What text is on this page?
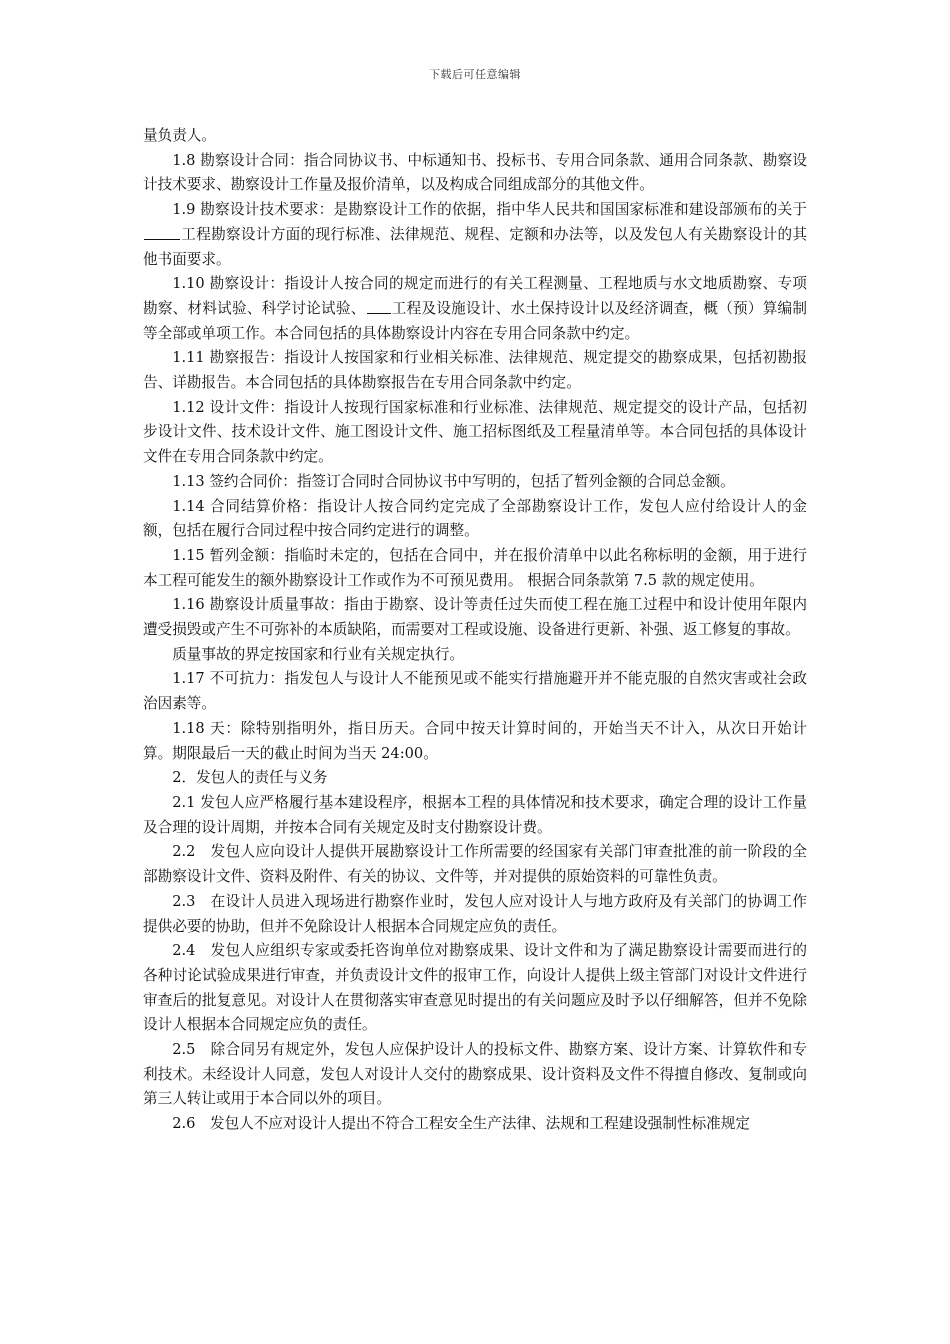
下载后可任意编辑

量负责人。

1.8 勘察设计合同：指合同协议书、中标通知书、投标书、专用合同条款、通用合同条款、勘察设计技术要求、勘察设计工作量及报价清单，以及构成合同组成部分的其他文件。

1.9 勘察设计技术要求：是勘察设计工作的依据，指中华人民共和国国家标准和建设部颁布的关于工程勘察设计方面的现行标准、法律规范、规程、定额和办法等，以及发包人有关勘察设计的其他书面要求。

1.10 勘察设计：指设计人按合同的规定而进行的有关工程测量、工程地质与水文地质勘察、专项勘察、材料试验、科学讨论试验、 工程及设施设计、水土保持设计以及经济调查，概（预）算编制等全部或单项工作。本合同包括的具体勘察设计内容在专用合同条款中约定。

1.11 勘察报告：指设计人按国家和行业相关标准、法律规范、规定提交的勘察成果，包括初勘报告、详勘报告。本合同包括的具体勘察报告在专用合同条款中约定。

1.12 设计文件：指设计人按现行国家标准和行业标准、法律规范、规定提交的设计产品，包括初步设计文件、技术设计文件、施工图设计文件、施工招标图纸及工程量清单等。本合同包括的具体设计文件在专用合同条款中约定。

1.13 签约合同价：指签订合同时合同协议书中写明的，包括了暂列金额的合同总金额。

1.14 合同结算价格：指设计人按合同约定完成了全部勘察设计工作，发包人应付给设计人的金额，包括在履行合同过程中按合同约定进行的调整。

1.15 暂列金额：指临时未定的，包括在合同中，并在报价清单中以此名称标明的金额，用于进行本工程可能发生的额外勘察设计工作或作为不可预见费用。 根据合同条款第 7.5 款的规定使用。

1.16 勘察设计质量事故：指由于勘察、设计等责任过失而使工程在施工过程中和设计使用年限内遭受损毁或产生不可弥补的本质缺陷，而需要对工程或设施、设备进行更新、补强、返工修复的事故。

质量事故的界定按国家和行业有关规定执行。

1.17 不可抗力：指发包人与设计人不能预见或不能实行措施避开并不能克服的自然灾害或社会政治因素等。

1.18 天：除特别指明外，指日历天。合同中按天计算时间的，开始当天不计入，从次日开始计算。期限最后一天的截止时间为当天 24:00。

2．发包人的责任与义务

2.1 发包人应严格履行基本建设程序，根据本工程的具体情况和技术要求，确定合理的设计工作量及合理的设计周期，并按本合同有关规定及时支付勘察设计费。

2.2　发包人应向设计人提供开展勘察设计工作所需要的经国家有关部门审查批准的前一阶段的全部勘察设计文件、资料及附件、有关的协议、文件等，并对提供的原始资料的可靠性负责。

2.3　在设计人员进入现场进行勘察作业时，发包人应对设计人与地方政府及有关部门的协调工作提供必要的协助，但并不免除设计人根据本合同规定应负的责任。

2.4　发包人应组织专家或委托咨询单位对勘察成果、设计文件和为了满足勘察设计需要而进行的各种讨论试验成果进行审查，并负责设计文件的报审工作，向设计人提供上级主管部门对设计文件进行审查后的批复意见。对设计人在贯彻落实审查意见时提出的有关问题应及时予以仔细解答，但并不免除设计人根据本合同规定应负的责任。

2.5　除合同另有规定外，发包人应保护设计人的投标文件、勘察方案、设计方案、计算软件和专利技术。未经设计人同意，发包人对设计人交付的勘察成果、设计资料及文件不得擅自修改、复制或向第三人转让或用于本合同以外的项目。

2.6　发包人不应对设计人提出不符合工程安全生产法律、法规和工程建设强制性标准规定
